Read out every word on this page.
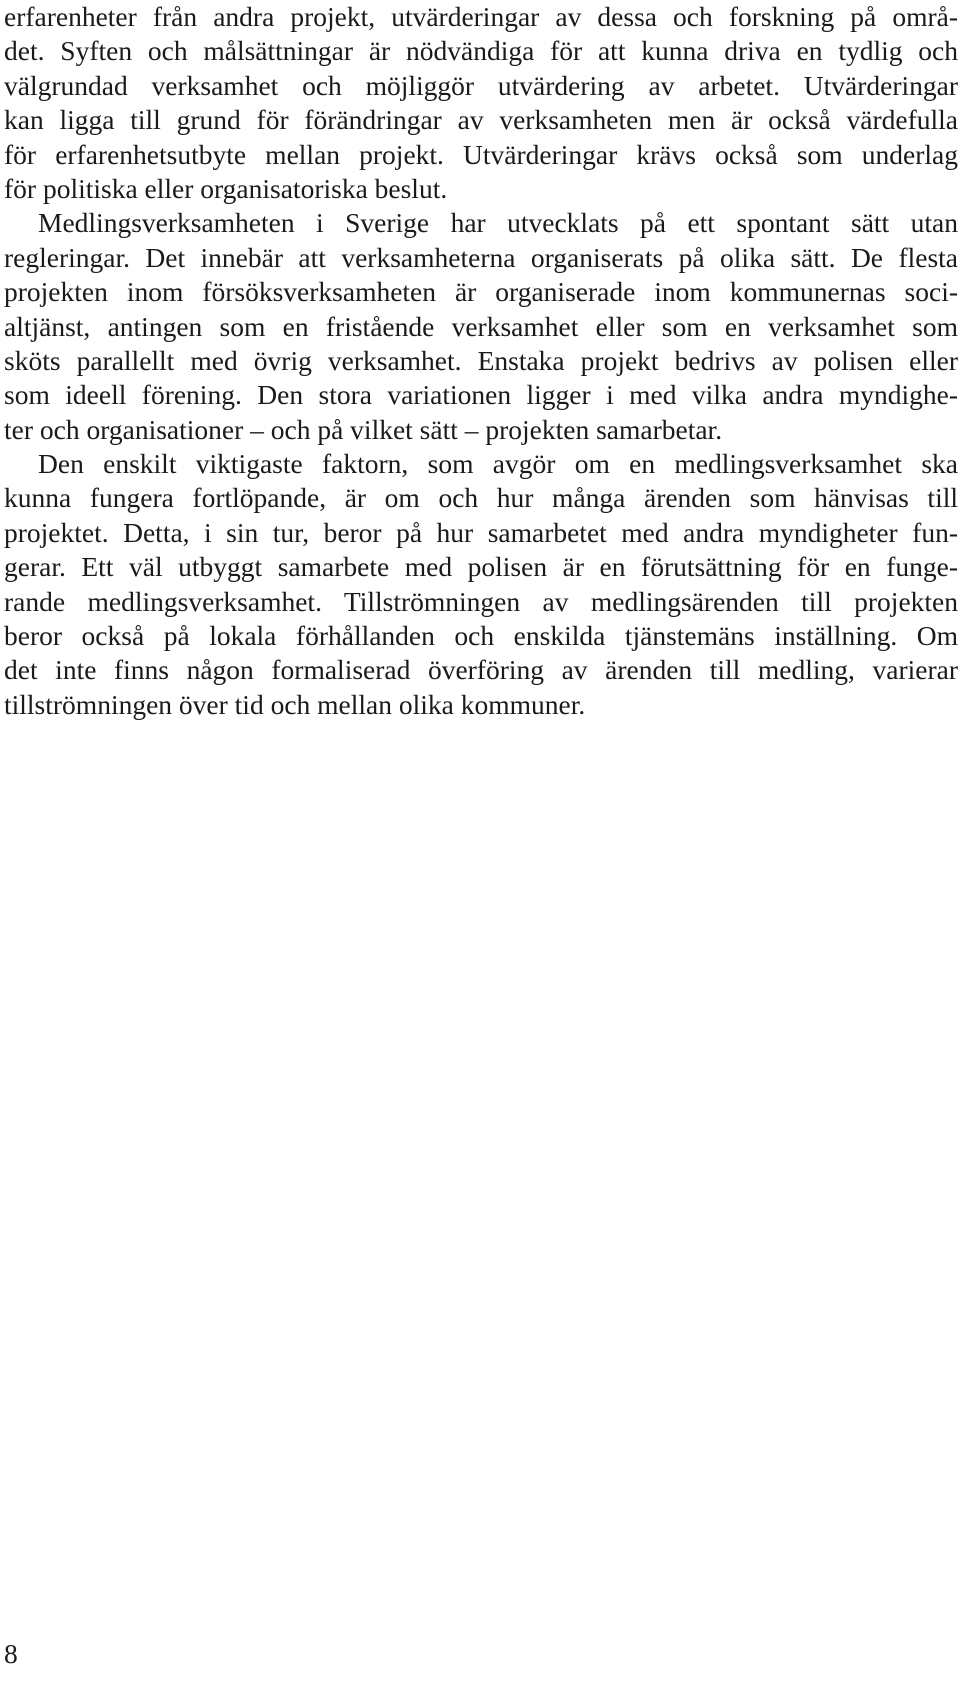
erfarenheter från andra projekt, utvärderingar av dessa och forskning på områ-
det. Syften och målsättningar är nödvändiga för att kunna driva en tydlig och
välgrundad verksamhet och möjliggör utvärdering av arbetet. Utvärderingar
kan ligga till grund för förändringar av verksamheten men är också värdefulla
för erfarenhetsutbyte mellan projekt. Utvärderingar krävs också som underlag
för politiska eller organisatoriska beslut.
Medlingsverksamheten i Sverige har utvecklats på ett spontant sätt utan
regleringar. Det innebär att verksamheterna organiserats på olika sätt. De flesta
projekten inom försöksverksamheten är organiserade inom kommunernas soci-
altjänst, antingen som en fristående verksamhet eller som en verksamhet som
sköts parallellt med övrig verksamhet. Enstaka projekt bedrivs av polisen eller
som ideell förening. Den stora variationen ligger i med vilka andra myndighe-
ter och organisationer – och på vilket sätt – projekten samarbetar.
Den enskilt viktigaste faktorn, som avgör om en medlingsverksamhet ska
kunna fungera fortlöpande, är om och hur många ärenden som hänvisas till
projektet. Detta, i sin tur, beror på hur samarbetet med andra myndigheter fun-
gerar. Ett väl utbyggt samarbete med polisen är en förutsättning för en funge-
rande medlingsverksamhet. Tillströmningen av medlingsärenden till projekten
beror också på lokala förhållanden och enskilda tjänstemäns inställning. Om
det inte finns någon formaliserad överföring av ärenden till medling, varierar
tillströmningen över tid och mellan olika kommuner.
8
